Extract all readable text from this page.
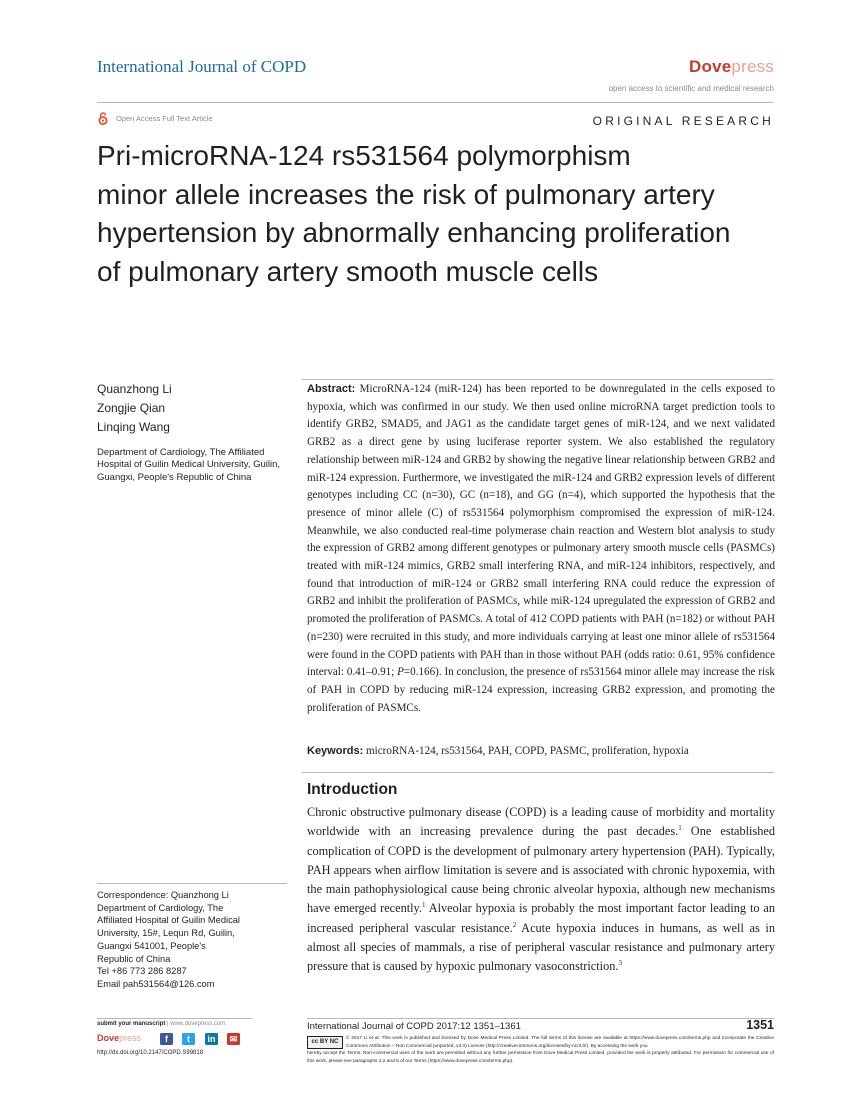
International Journal of COPD	Dovepress
open access to scientific and medical research
Open Access Full Text Article	ORIGINAL RESEARCH
Pri-microRNA-124 rs531564 polymorphism
minor allele increases the risk of pulmonary artery
hypertension by abnormally enhancing proliferation
of pulmonary artery smooth muscle cells
Quanzhong Li
Zongjie Qian
Linqing Wang
Department of Cardiology, The Affiliated Hospital of Guilin Medical University, Guilin, Guangxi, People's Republic of China
Correspondence: Quanzhong Li
Department of Cardiology, The
Affiliated Hospital of Guilin Medical
University, 15#, Lequn Rd, Guilin,
Guangxi 541001, People's
Republic of China
Tel +86 773 286 8287
Email pah531564@126.com

Abstract: MicroRNA-124 (miR-124) has been reported to be downregulated in the cells exposed to hypoxia, which was confirmed in our study. We then used online microRNA target prediction tools to identify GRB2, SMAD5, and JAG1 as the candidate target genes of miR-124, and we next validated GRB2 as a direct gene by using luciferase reporter system. We also established the regulatory relationship between miR-124 and GRB2 by showing the negative linear relationship between GRB2 and miR-124 expression. Furthermore, we investigated the miR-124 and GRB2 expression levels of different genotypes including CC (n=30), GC (n=18), and GG (n=4), which supported the hypothesis that the presence of minor allele (C) of rs531564 polymorphism compromised the expression of miR-124. Meanwhile, we also conducted real-time polymerase chain reaction and Western blot analysis to study the expression of GRB2 among different genotypes or pulmonary artery smooth muscle cells (PASMCs) treated with miR-124 mimics, GRB2 small interfering RNA, and miR-124 inhibitors, respectively, and found that introduction of miR-124 or GRB2 small interfering RNA could reduce the expression of GRB2 and inhibit the proliferation of PASMCs, while miR-124 upregulated the expression of GRB2 and promoted the proliferation of PASMCs. A total of 412 COPD patients with PAH (n=182) or without PAH (n=230) were recruited in this study, and more individuals carrying at least one minor allele of rs531564 were found in the COPD patients with PAH than in those without PAH (odds ratio: 0.61, 95% confidence interval: 0.41–0.91; P=0.166). In conclusion, the presence of rs531564 minor allele may increase the risk of PAH in COPD by reducing miR-124 expression, increasing GRB2 expression, and promoting the proliferation of PASMCs.

Keywords: microRNA-124, rs531564, PAH, COPD, PASMC, proliferation, hypoxia
Introduction

Chronic obstructive pulmonary disease (COPD) is a leading cause of morbidity and mortality worldwide with an increasing prevalence during the past decades.$^1$ One established complication of COPD is the development of pulmonary artery hypertension (PAH). Typically, PAH appears when airflow limitation is severe and is associated with chronic hypoxemia, with the main pathophysiological cause being chronic alveolar hypoxia, although new mechanisms have emerged recently.$^1$ Alveolar hypoxia is probably the most important factor leading to an increased peripheral vascular resistance.$^2$ Acute hypoxia induces in humans, as well as in almost all species of mammals, a rise of peripheral vascular resistance and pulmonary artery pressure that is caused by hypoxic pulmonary vasoconstriction.$^3$

submit your manuscript | www.dovepress.com
Dovepress	f	t	in	✉
http://dx.doi.org/10.2147/COPD.S99818
International Journal of COPD 2017:12 1351–1361	1351
cc BY NC

© 2017 Li et al. This work is published and licensed by Dove Medical Press Limited. The full terms of this license are available at https://www.dovepress.com/terms.php and incorporate the Creative Commons Attribution – Non Commercial (unported, v3.0) License (http://creativecommons.org/licenses/by-nc/3.0/). By accessing the work you

hereby accept the Terms. Non-commercial uses of the work are permitted without any further permission from Dove Medical Press Limited, provided the work is properly attributed. For permission for commercial use of this work, please see paragraphs 4.2 and 5 of our Terms (https://www.dovepress.com/terms.php).
